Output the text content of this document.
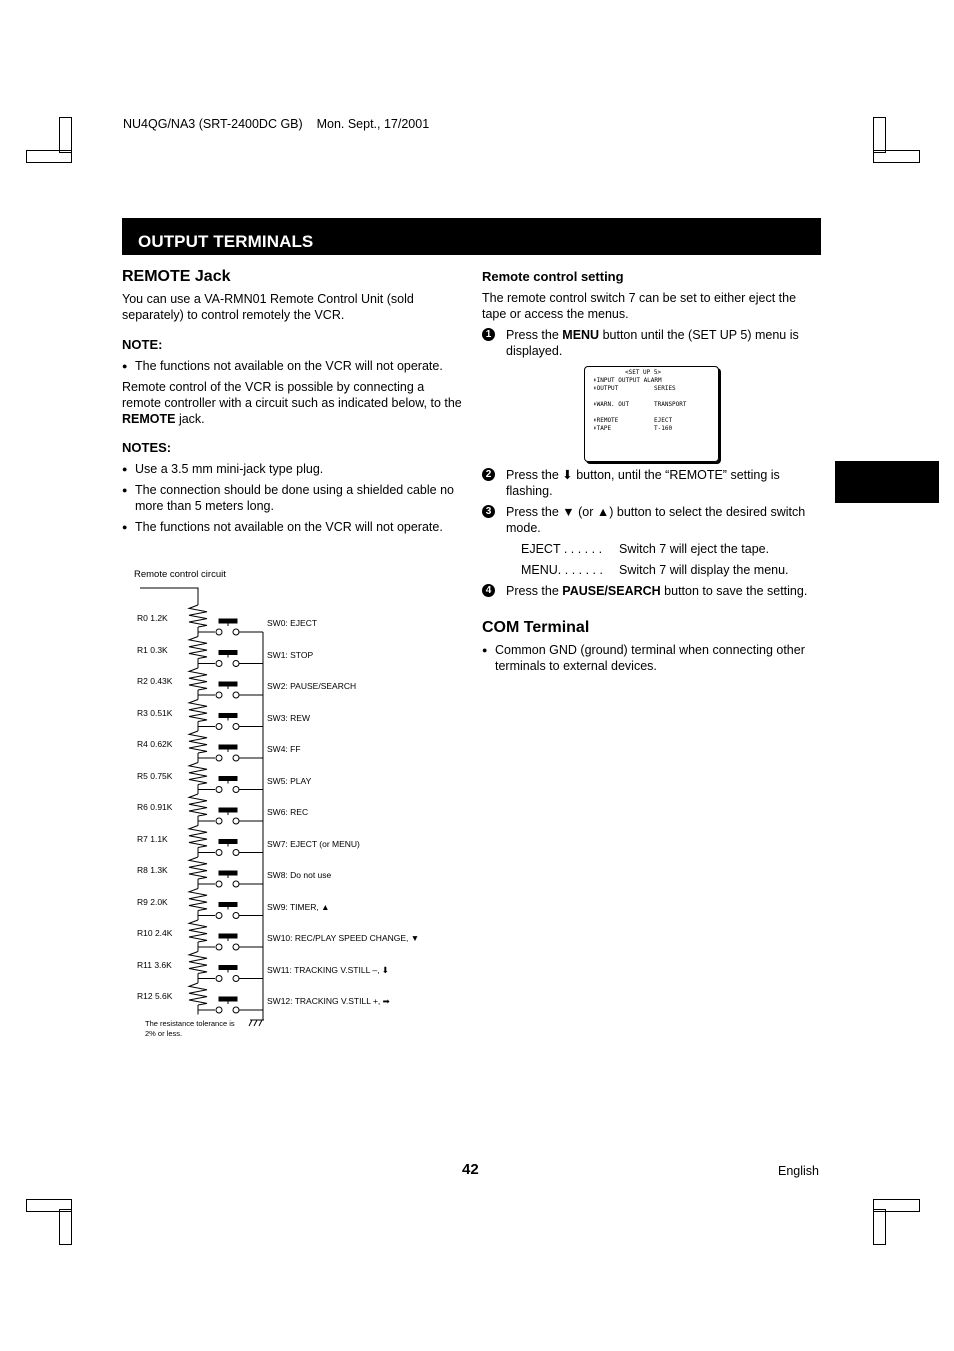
NU4QG/NA3 (SRT-2400DC GB)    Mon. Sept., 17/2001
OUTPUT TERMINALS

REMOTE Jack

You can use a VA-RMN01 Remote Control Unit (sold separately) to control remotely the VCR.

NOTE:

● The functions not available on the VCR will not operate.

Remote control of the VCR is possible by connecting a remote controller with a circuit such as indicated below, to the REMOTE jack.

NOTES:

● Use a 3.5 mm mini-jack type plug.

● The connection should be done using a shielded cable no more than 5 meters long.

● The functions not available on the VCR will not operate.

Remote control circuit
R0 1.2K	SW0: EJECT
R1 0.3K	SW1: STOP
R2 0.43K	SW2: PAUSE/SEARCH
R3 0.51K	SW3: REW
R4 0.62K	SW4: FF
R5 0.75K	SW5: PLAY
R6 0.91K	SW6: REC
R7 1.1K	SW7: EJECT (or MENU)
R8 1.3K	SW8: Do not use
R9 2.0K	SW9: TIMER, ▲
R10 2.4K	SW10: REC/PLAY SPEED CHANGE, ▼
R11 3.6K	SW11: TRACKING V.STILL –, ⬇
R12 5.6K	SW12: TRACKING V.STILL +, ➡
The resistance tolerance is 2% or less.

Remote control setting

The remote control switch 7 can be set to either eject the tape or access the menus.

1 Press the MENU button until the (SET UP 5) menu is displayed.

<SET UP 5>
⬍INPUT OUTPUT ALARM
⬍OUTPUT	SERIES
⬍WARN. OUT	TRANSPORT
⬍REMOTE	EJECT
⬍TAPE	T-160

2 Press the ⬇ button, until the “REMOTE” setting is flashing.

3 Press the ▼ (or ▲) button to select the desired switch mode.

EJECT . . . . . .	Switch 7 will eject the tape.
MENU. . . . . . .	Switch 7 will display the menu.

4 Press the PAUSE/SEARCH button to save the setting.

COM Terminal

● Common GND (ground) terminal when connecting other terminals to external devices.

42	English
